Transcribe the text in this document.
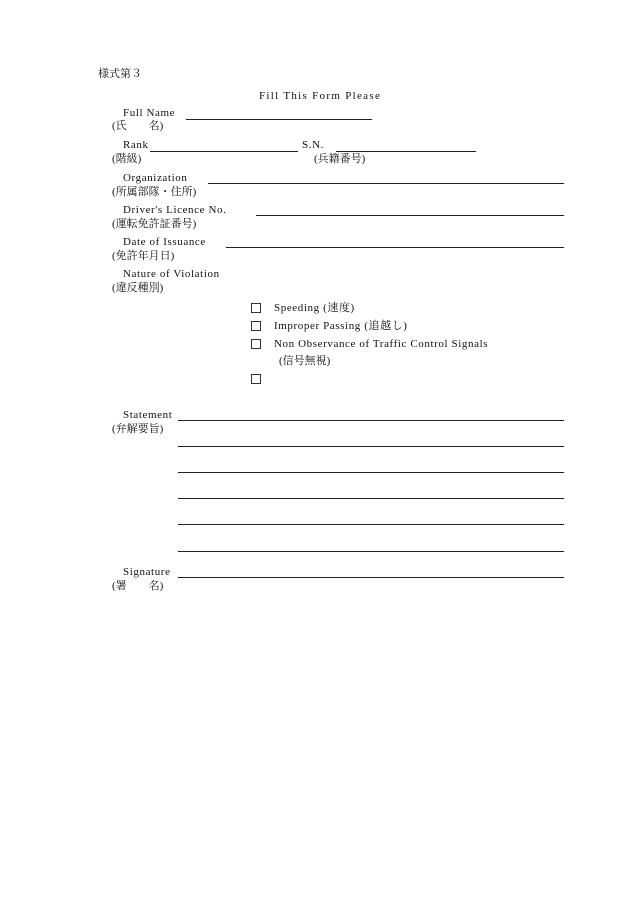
様式第３
Fill This Form Please
Full Name
(氏　　名)
Rank	S.N.
(階級)	(兵籍番号)
Organization
(所属部隊・住所)
Driver's Licence No.
(運転免許証番号)
Date of Issuance
(免許年月日)
Nature of Violation
(違反種別)
Speeding (速度)
Improper Passing (追越し)
Non Observance of Traffic Control Signals
(信号無視)
Statement
(弁解要旨)
Signature
(署　　名)
